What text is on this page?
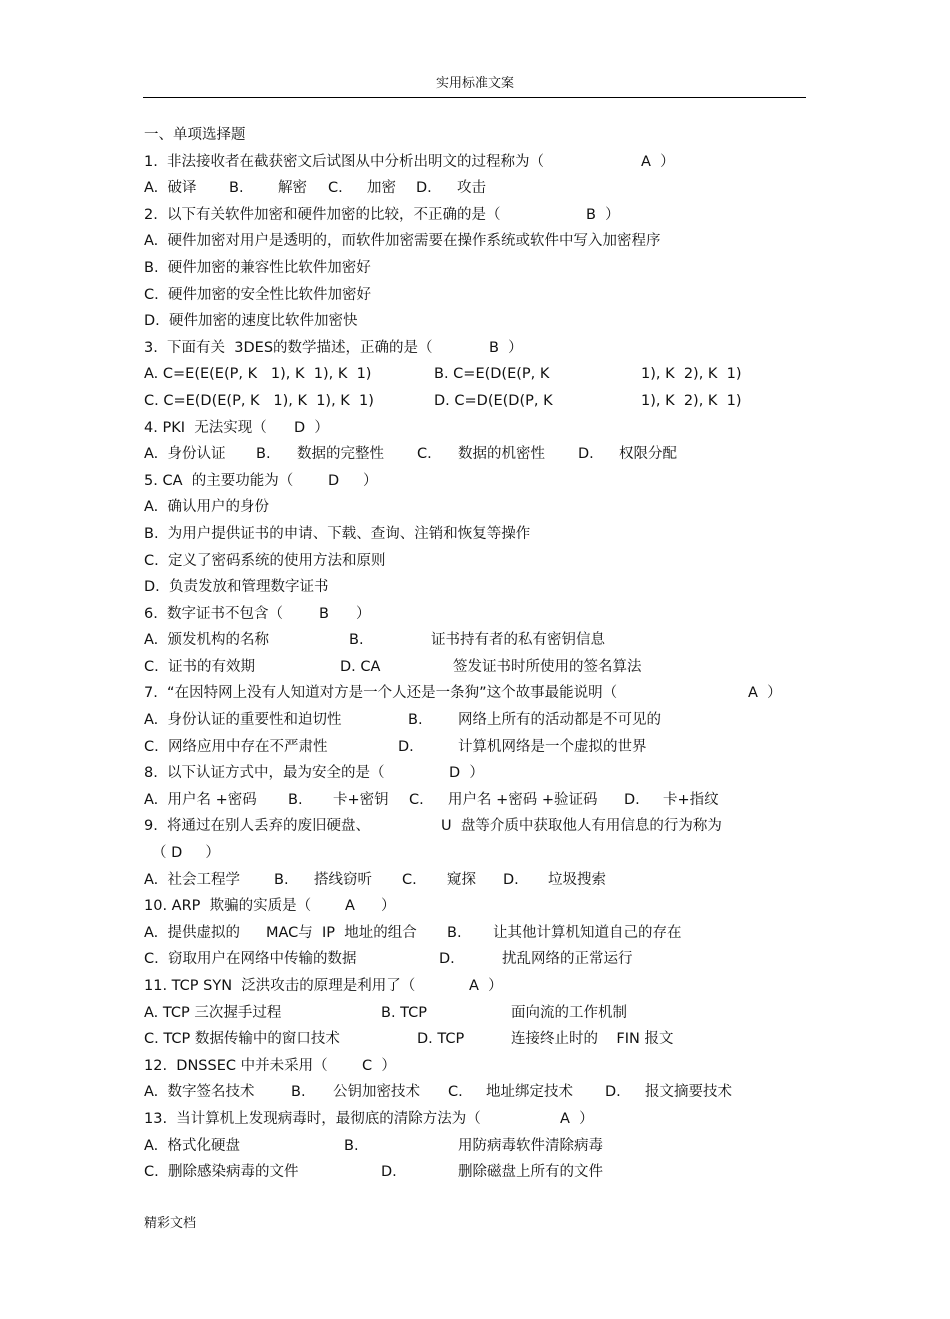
实用标准文案
一、单项选择题
1.  非法接收者在截获密文后试图从中分析出明文的过程称为（	A  ）
A.  破译 B. 解密 C. 加密 D. 攻击
2.  以下有关软件加密和硬件加密的比较，不正确的是（	B  ）
A.  硬件加密对用户是透明的，而软件加密需要在操作系统或软件中写入加密程序
B.  硬件加密的兼容性比软件加密好
C.  硬件加密的安全性比软件加密好
D.  硬件加密的速度比软件加密快
3.  下面有关  3DES的数学描述，正确的是（	B  ）
A. C=E(E(E(P, K   1), K  1), K  1)	B. C=E(D(E(P, K	1), K  2), K  1)
C. C=E(D(E(P, K   1), K  1), K  1)	D. C=D(E(D(P, K	1), K  2), K  1)
4. PKI  无法实现（ D  ）
A.  身份认证 B. 数据的完整性 C. 数据的机密性 D. 权限分配
5. CA  的主要功能为（ D ）
A.  确认用户的身份
B.  为用户提供证书的申请、下载、查询、注销和恢复等操作
C.  定义了密码系统的使用方法和原则
D.  负责发放和管理数字证书
6.  数字证书不包含（ B ）
A.  颁发机构的名称	B.	证书持有者的私有密钥信息
C.  证书的有效期	D. CA	签发证书时所使用的签名算法
7.  “在因特网上没有人知道对方是一个人还是一条狗”这个故事最能说明（	A  ）
A.  身份认证的重要性和迫切性	B. 网络上所有的活动都是不可见的
C.  网络应用中存在不严肃性	D.	计算机网络是一个虚拟的世界
8.  以下认证方式中，最为安全的是（	D  ）
A.  用户名 +密码 B. 卡+密钥 C. 用户名 +密码 +验证码 D. 卡+指纹
9.  将通过在别人丢弃的废旧硬盘、	U  盘等介质中获取他人有用信息的行为称为
（ D     ）
A.  社会工程学 B. 搭线窃听 C. 窥探 D. 垃圾搜索
10. ARP  欺骗的实质是（ A ）
A.  提供虚拟的 MAC与  IP  地址的组合 B. 让其他计算机知道自己的存在
C.  窃取用户在网络中传输的数据	D.	扰乱网络的正常运行
11. TCP SYN  泛洪攻击的原理是利用了（	A  ）
A. TCP 三次握手过程	B. TCP	面向流的工作机制
C. TCP 数据传输中的窗口技术	D. TCP	连接终止时的    FIN 报文
12.  DNSSEC 中并未采用（ C  ）
A.  数字签名技术	B. 公钥加密技术 C. 地址绑定技术 D. 报文摘要技术
13.  当计算机上发现病毒时，最彻底的清除方法为（	A  ）
A.  格式化硬盘	B.	用防病毒软件清除病毒
C.  删除感染病毒的文件	D.	删除磁盘上所有的文件
精彩文档
